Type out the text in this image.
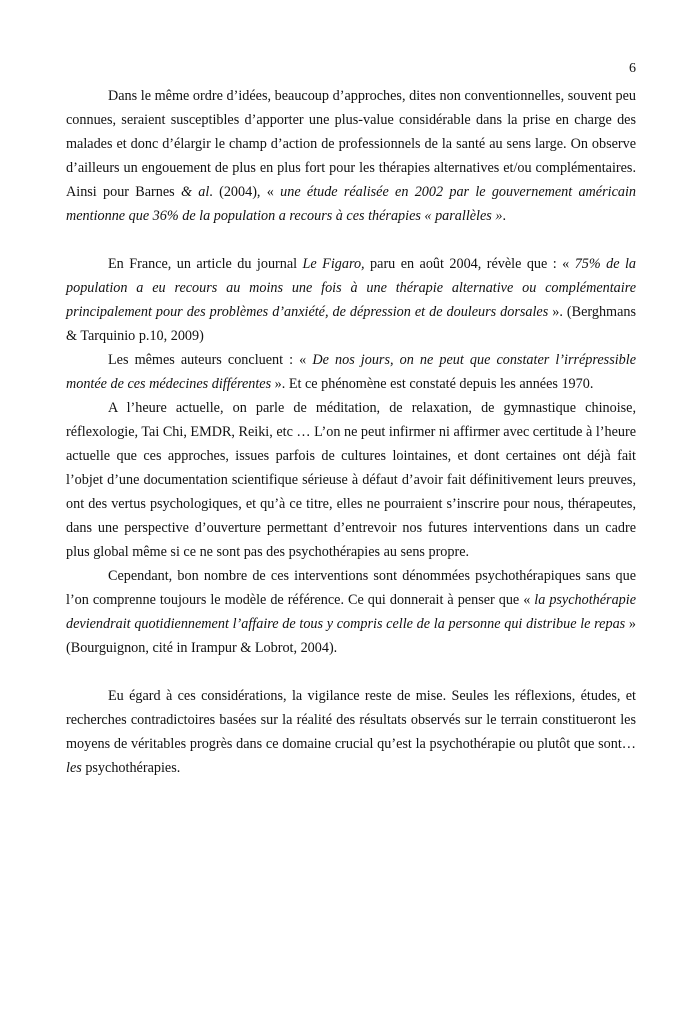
6

Dans le même ordre d’idées, beaucoup d’approches, dites non conventionnelles, souvent peu connues, seraient susceptibles d’apporter une plus-value considérable dans la prise en charge des malades et donc d’élargir le champ d’action de professionnels de la santé au sens large. On observe d’ailleurs un engouement de plus en plus fort pour les thérapies alternatives et/ou complémentaires. Ainsi pour Barnes & al. (2004), « une étude réalisée en 2002 par le gouvernement américain mentionne que 36% de la population a recours à ces thérapies « parallèles ».

En France, un article du journal Le Figaro, paru en août 2004, révèle que : « 75% de la population a eu recours au moins une fois à une thérapie alternative ou complémentaire principalement pour des problèmes d’anxiété, de dépression et de douleurs dorsales ». (Berghmans & Tarquinio p.10, 2009)

Les mêmes auteurs concluent : « De nos jours, on ne peut que constater l’irrépressible montée de ces médecines différentes ». Et ce phénomène est constaté depuis les années 1970.

A l’heure actuelle, on parle de méditation, de relaxation, de gymnastique chinoise, réflexologie, Tai Chi, EMDR, Reiki, etc … L’on ne peut infirmer ni affirmer avec certitude à l’heure actuelle que ces approches, issues parfois de cultures lointaines, et dont certaines ont déjà fait l’objet d’une documentation scientifique sérieuse à défaut d’avoir fait définitivement leurs preuves, ont des vertus psychologiques, et qu’à ce titre, elles ne pourraient s’inscrire pour nous, thérapeutes, dans une perspective d’ouverture permettant d’entrevoir nos futures interventions dans un cadre plus global même si ce ne sont pas des psychothérapies au sens propre.

Cependant, bon nombre de ces interventions sont dénommées psychothérapiques sans que l’on comprenne toujours le modèle de référence. Ce qui donnerait à penser que « la psychothérapie deviendrait quotidiennement l’affaire de tous y compris celle de la personne qui distribue le repas » (Bourguignon, cité in Irampur & Lobrot, 2004).

Eu égard à ces considérations, la vigilance reste de mise. Seules les réflexions, études, et recherches contradictoires basées sur la réalité des résultats observés sur le terrain constitueront les moyens de véritables progrès dans ce domaine crucial qu’est la psychothérapie ou plutôt que sont…les psychothérapies.
